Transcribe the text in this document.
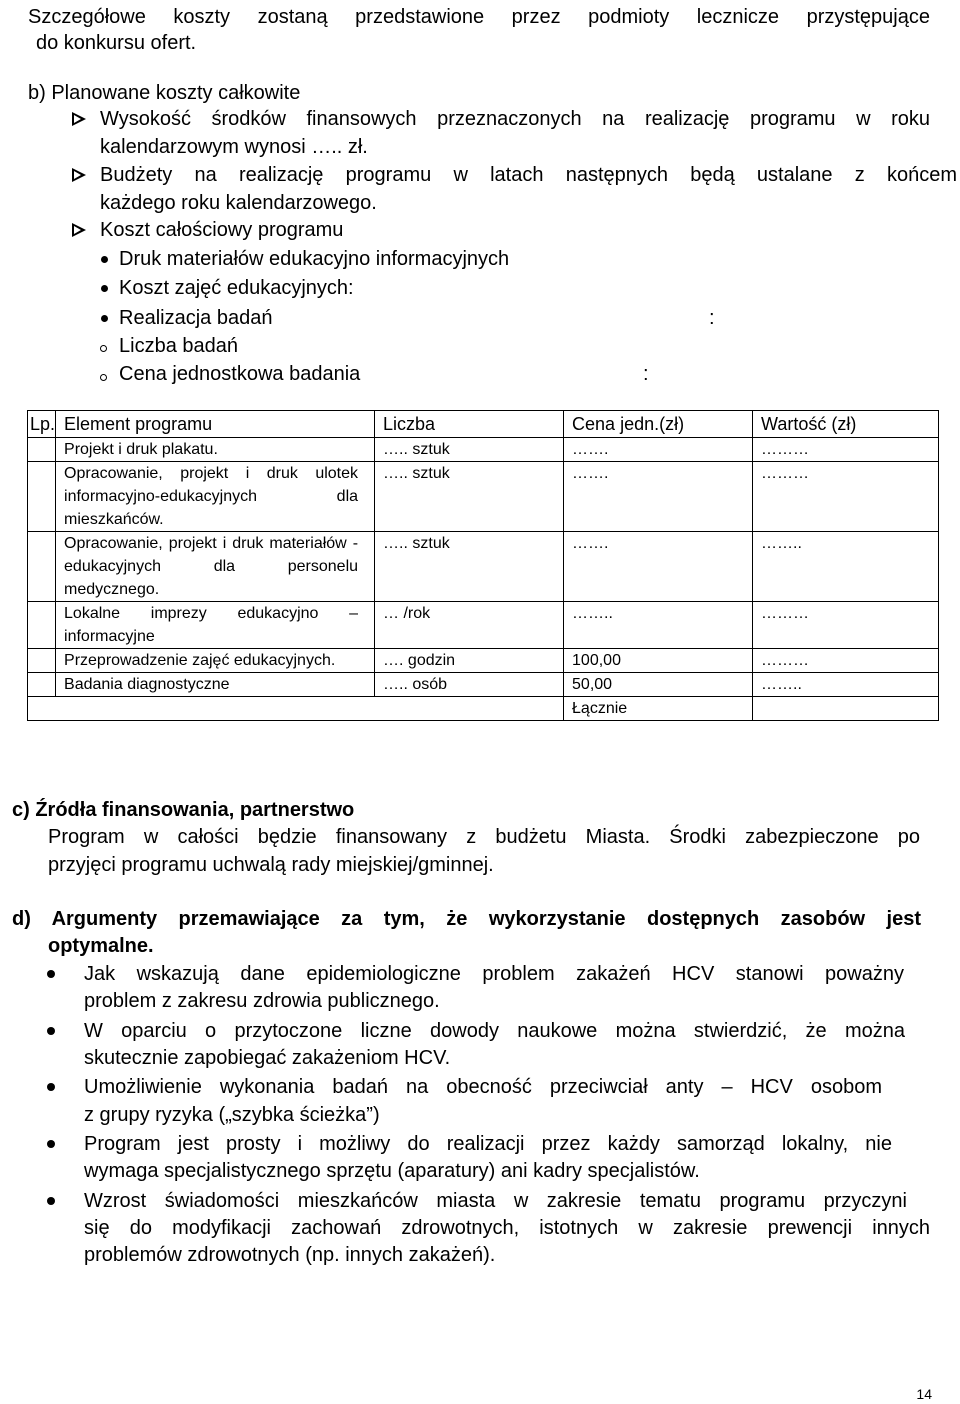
Szczegółowe koszty zostaną przedstawione przez podmioty lecznicze przystępujące
do konkursu ofert.
b) Planowane koszty całkowite
Wysokość środków finansowych przeznaczonych na realizację programu w roku
kalendarzowym wynosi ….. zł.
Budżety na realizację programu w latach następnych będą ustalane z końcem
każdego roku kalendarzowego.
Koszt całościowy programu
Druk materiałów edukacyjno informacyjnych
Koszt zajęć edukacyjnych:
Realizacja badań	:
Liczba badań
Cena jednostkowa badania	:
Lp.	Element programu	Liczba	Cena jedn.(zł)	Wartość (zł)
	Projekt i druk plakatu.	….. sztuk	…….	………
	Opracowanie, projekt i druk ulotek informacyjno-edukacyjnych dla mieszkańców.	….. sztuk	…….	………
	Opracowanie, projekt i druk materiałów - edukacyjnych dla personelu medycznego.	….. sztuk	…….	……..
	Lokalne imprezy edukacyjno – informacyjne	… /rok	……..	………
	Przeprowadzenie zajęć edukacyjnych.	…. godzin	100,00	………
	Badania diagnostyczne	….. osób	50,00	……..
			Łącznie	
c) Źródła finansowania, partnerstwo
Program w całości będzie finansowany z budżetu Miasta. Środki zabezpieczone po
przyjęci programu uchwalą rady miejskiej/gminnej.
d) Argumenty przemawiające za tym, że wykorzystanie dostępnych zasobów jest
optymalne.
Jak wskazują dane epidemiologiczne problem zakażeń HCV stanowi poważny
problem z zakresu zdrowia publicznego.
W oparciu o przytoczone liczne dowody naukowe można stwierdzić, że można
skutecznie zapobiegać zakażeniom HCV.
Umożliwienie wykonania badań na obecność przeciwciał anty – HCV osobom
z grupy ryzyka („szybka ścieżka”)
Program jest prosty i możliwy do realizacji przez każdy samorząd lokalny, nie
wymaga specjalistycznego sprzętu (aparatury) ani kadry specjalistów.
Wzrost świadomości mieszkańców miasta w zakresie tematu programu przyczyni
się do modyfikacji zachowań zdrowotnych, istotnych w zakresie prewencji innych
problemów zdrowotnych (np. innych zakażeń).
14
